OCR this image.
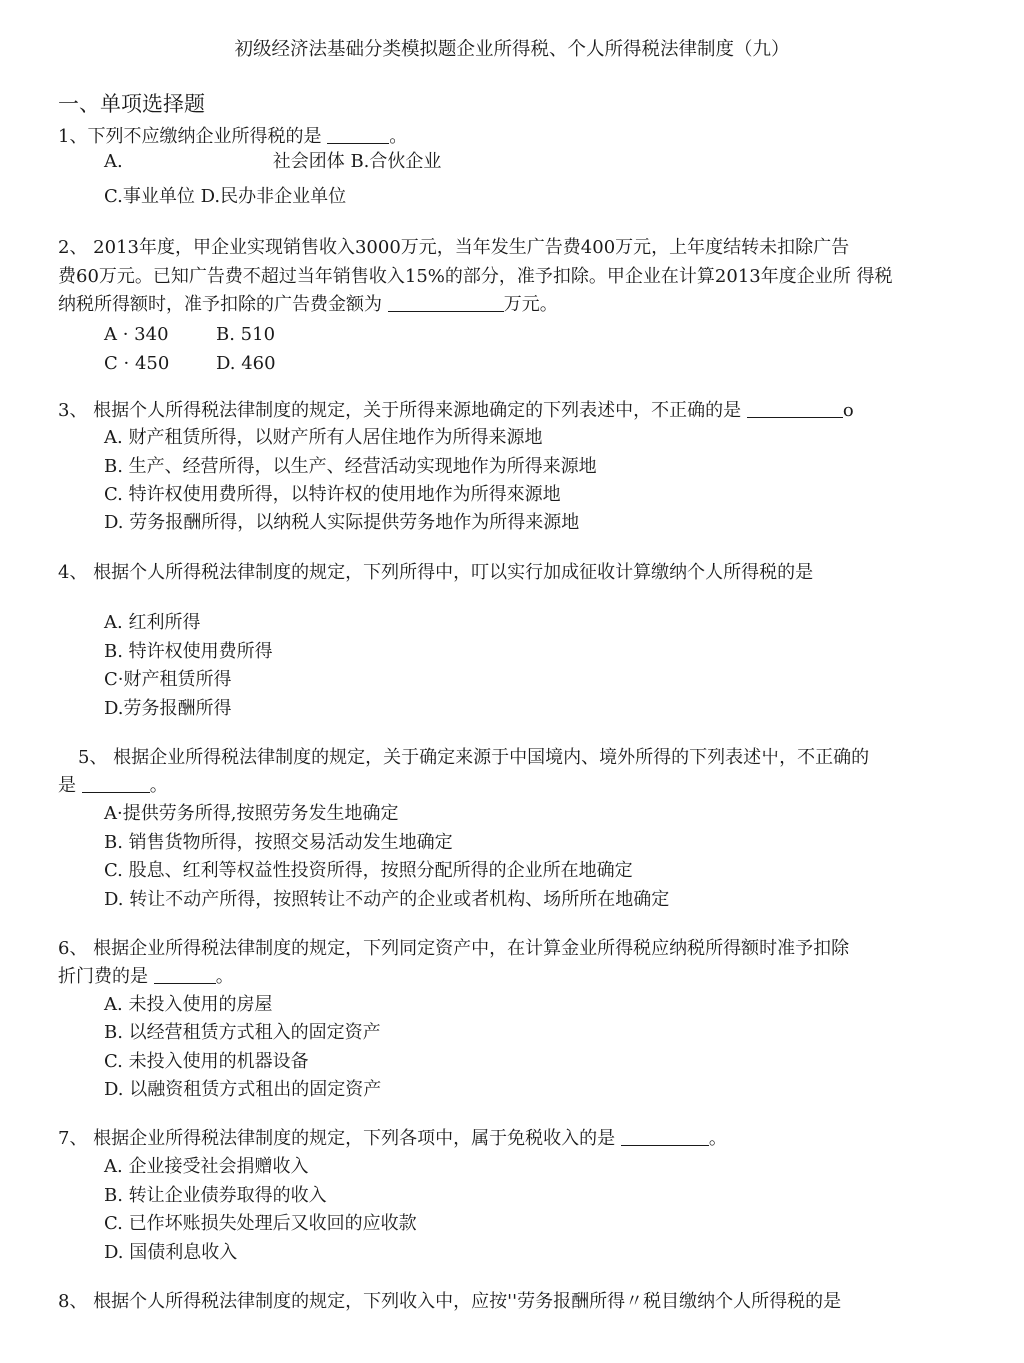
初级经济法基础分类模拟题企业所得税、个人所得税法律制度（九）
一、单项选择题
1、下列不应缴纳企业所得税的是	。
A.	社会团体 B.合伙企业
C.事业单位 D.民办非企业单位
2、 2013年度，甲企业实现销售收入3000万元，当年发生广告费400万元，上年度结转未扣除广告
费60万元。已知广告费不超过当年销售收入15%的部分，准予扣除。甲企业在计算2013年度企业所 得税
纳税所得额时，准予扣除的广告费金额为	万元。
A · 340	B. 510
C · 450	D. 460
3、 根据个人所得税法律制度的规定，关于所得来源地确定的下列表述中，不正确的是	o
A. 财产租赁所得，以财产所有人居住地作为所得来源地
B. 生产、经营所得，以生产、经营活动实现地作为所得来源地
C. 特许权使用费所得，以特许权的使用地作为所得來源地
D. 劳务报酬所得，以纳税人实际提供劳务地作为所得来源地
4、 根据个人所得税法律制度的规定，下列所得中，叮以实行加成征收计算缴纳个人所得税的是
A. 红利所得
B. 特许权使用费所得
C·财产租赁所得
D.劳务报酬所得
5、 根据企业所得税法律制度的规定，关于确定来源于中国境内、境外所得的下列表述屮，不正确的
是	。
A·提供劳务所得,按照劳务发生地确定
B. 销售货物所得，按照交易活动发生地确定
C. 股息、红利等权益性投资所得，按照分配所得的企业所在地确定
D. 转让不动产所得，按照转让不动产的企业或者机构、场所所在地确定
6、 根据企业所得税法律制度的规定，下列同定资产中，在计算金业所得税应纳税所得额时准予扣除
折门费的是	。
A. 未投入使用的房屋
B. 以经营租赁方式租入的固定资产
C. 未投入使用的机器设备
D. 以融资租赁方式租出的固定资产
7、 根据企业所得税法律制度的规定，下列各项中，属于免税收入的是	。
A. 企业接受社会捐赠收入
B. 转让企业债券取得的收入
C. 已作坏账损失处理后又收回的应收款
D. 国债利息收入
8、 根据个人所得税法律制度的规定，下列收入中，应按''劳务报酬所得〃税目缴纳个人所得税的是
